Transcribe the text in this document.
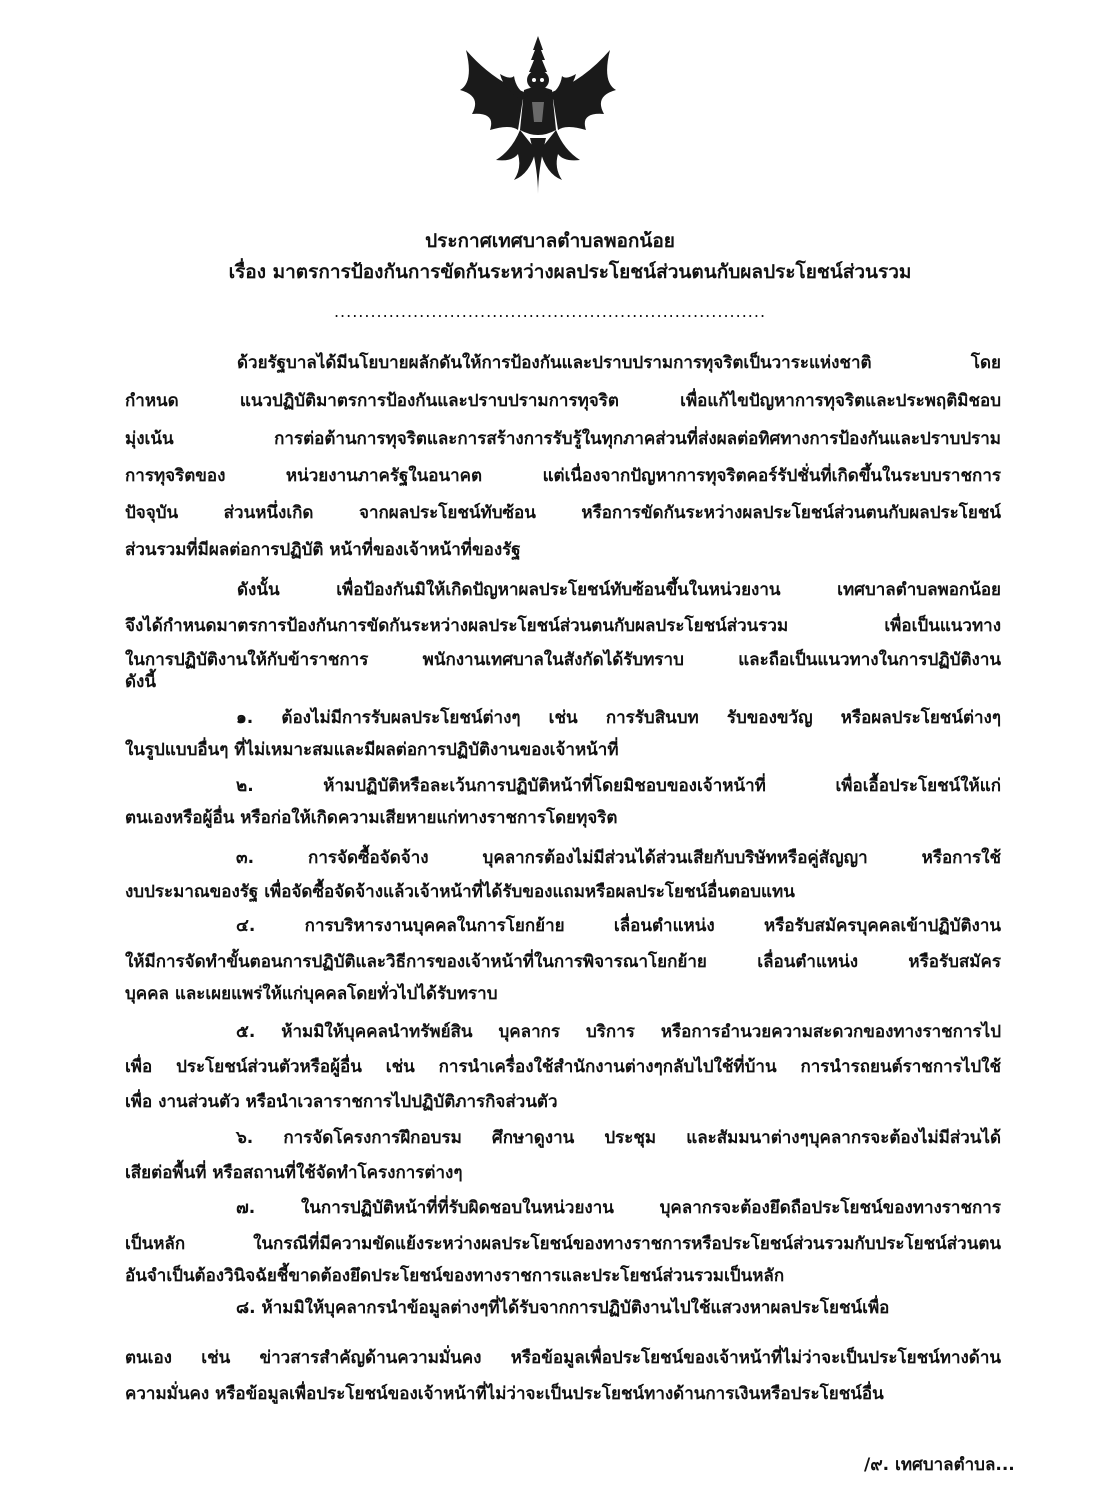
ประกาศเทศบาลตำบลพอกน้อย
เรื่อง มาตรการป้องกันการขัดกันระหว่างผลประโยชน์ส่วนตนกับผลประโยชน์ส่วนรวม
.......................................................................
ด้วยรัฐบาลได้มีนโยบายผลักดันให้การป้องกันและปราบปรามการทุจริตเป็นวาระแห่งชาติ โดย
กำหนด แนวปฏิบัติมาตรการป้องกันและปราบปรามการทุจริต เพื่อแก้ไขปัญหาการทุจริตและประพฤติมิชอบ
มุ่งเน้น การต่อต้านการทุจริตและการสร้างการรับรู้ในทุกภาคส่วนที่ส่งผลต่อทิศทางการป้องกันและปราบปราม
การทุจริตของ หน่วยงานภาครัฐในอนาคต แต่เนื่องจากปัญหาการทุจริตคอร์รัปชั่นที่เกิดขึ้นในระบบราชการ
ปัจจุบัน ส่วนหนึ่งเกิด จากผลประโยชน์ทับซ้อน หรือการขัดกันระหว่างผลประโยชน์ส่วนตนกับผลประโยชน์
ส่วนรวมที่มีผลต่อการปฏิบัติ หน้าที่ของเจ้าหน้าที่ของรัฐ
ดังนั้น เพื่อป้องกันมิให้เกิดปัญหาผลประโยชน์ทับซ้อนขึ้นในหน่วยงาน เทศบาลตำบลพอกน้อย
จึงได้กำหนดมาตรการป้องกันการขัดกันระหว่างผลประโยชน์ส่วนตนกับผลประโยชน์ส่วนรวม เพื่อเป็นแนวทาง
ในการปฏิบัติงานให้กับข้าราชการ พนักงานเทศบาลในสังกัดได้รับทราบ และถือเป็นแนวทางในการปฏิบัติงาน
ดังนี้
๑. ต้องไม่มีการรับผลประโยชน์ต่างๆ เช่น การรับสินบท รับของขวัญ หรือผลประโยชน์ต่างๆ
ในรูปแบบอื่นๆ ที่ไม่เหมาะสมและมีผลต่อการปฏิบัติงานของเจ้าหน้าที่
๒. ห้ามปฏิบัติหรือละเว้นการปฏิบัติหน้าที่โดยมิชอบของเจ้าหน้าที่ เพื่อเอื้อประโยชน์ให้แก่
ตนเองหรือผู้อื่น หรือก่อให้เกิดความเสียหายแก่ทางราชการโดยทุจริต
๓. การจัดซื้อจัดจ้าง บุคลากรต้องไม่มีส่วนได้ส่วนเสียกับบริษัทหรือคู่สัญญา หรือการใช้
งบประมาณของรัฐ เพื่อจัดซื้อจัดจ้างแล้วเจ้าหน้าที่ได้รับของแถมหรือผลประโยชน์อื่นตอบแทน
๔. การบริหารงานบุคคลในการโยกย้าย เลื่อนตำแหน่ง หรือรับสมัครบุคคลเข้าปฏิบัติงาน
ให้มีการจัดทำขั้นตอนการปฏิบัติและวิธีการของเจ้าหน้าที่ในการพิจารณาโยกย้าย เลื่อนตำแหน่ง หรือรับสมัคร
บุคคล และเผยแพร่ให้แก่บุคคลโดยทั่วไปได้รับทราบ
๕. ห้ามมิให้บุคคลนำทรัพย์สิน บุคลากร บริการ หรือการอำนวยความสะดวกของทางราชการไป
เพื่อ ประโยชน์ส่วนตัวหรือผู้อื่น เช่น การนำเครื่องใช้สำนักงานต่างๆกลับไปใช้ที่บ้าน การนำรถยนต์ราชการไปใช้
เพื่อ งานส่วนตัว หรือนำเวลาราชการไปปฏิบัติภารกิจส่วนตัว
๖. การจัดโครงการฝึกอบรม ศึกษาดูงาน ประชุม และสัมมนาต่างๆบุคลากรจะต้องไม่มีส่วนได้
เสียต่อพื้นที่ หรือสถานที่ใช้จัดทำโครงการต่างๆ
๗. ในการปฏิบัติหน้าที่ที่รับผิดชอบในหน่วยงาน บุคลากรจะต้องยึดถือประโยชน์ของทางราชการ
เป็นหลัก ในกรณีที่มีความขัดแย้งระหว่างผลประโยชน์ของทางราชการหรือประโยชน์ส่วนรวมกับประโยชน์ส่วนตน
อันจำเป็นต้องวินิจฉัยชี้ขาดต้องยึดประโยชน์ของทางราชการและประโยชน์ส่วนรวมเป็นหลัก
๘. ห้ามมิให้บุคลากรนำข้อมูลต่างๆที่ได้รับจากการปฏิบัติงานไปใช้แสวงหาผลประโยชน์เพื่อ
ตนเอง เช่น ข่าวสารสำคัญด้านความมั่นคง หรือข้อมูลเพื่อประโยชน์ของเจ้าหน้าที่ไม่ว่าจะเป็นประโยชน์ทางด้าน
ความมั่นคง หรือข้อมูลเพื่อประโยชน์ของเจ้าหน้าที่ไม่ว่าจะเป็นประโยชน์ทางด้านการเงินหรือประโยชน์อื่น
/๙. เทศบาลตำบล...
